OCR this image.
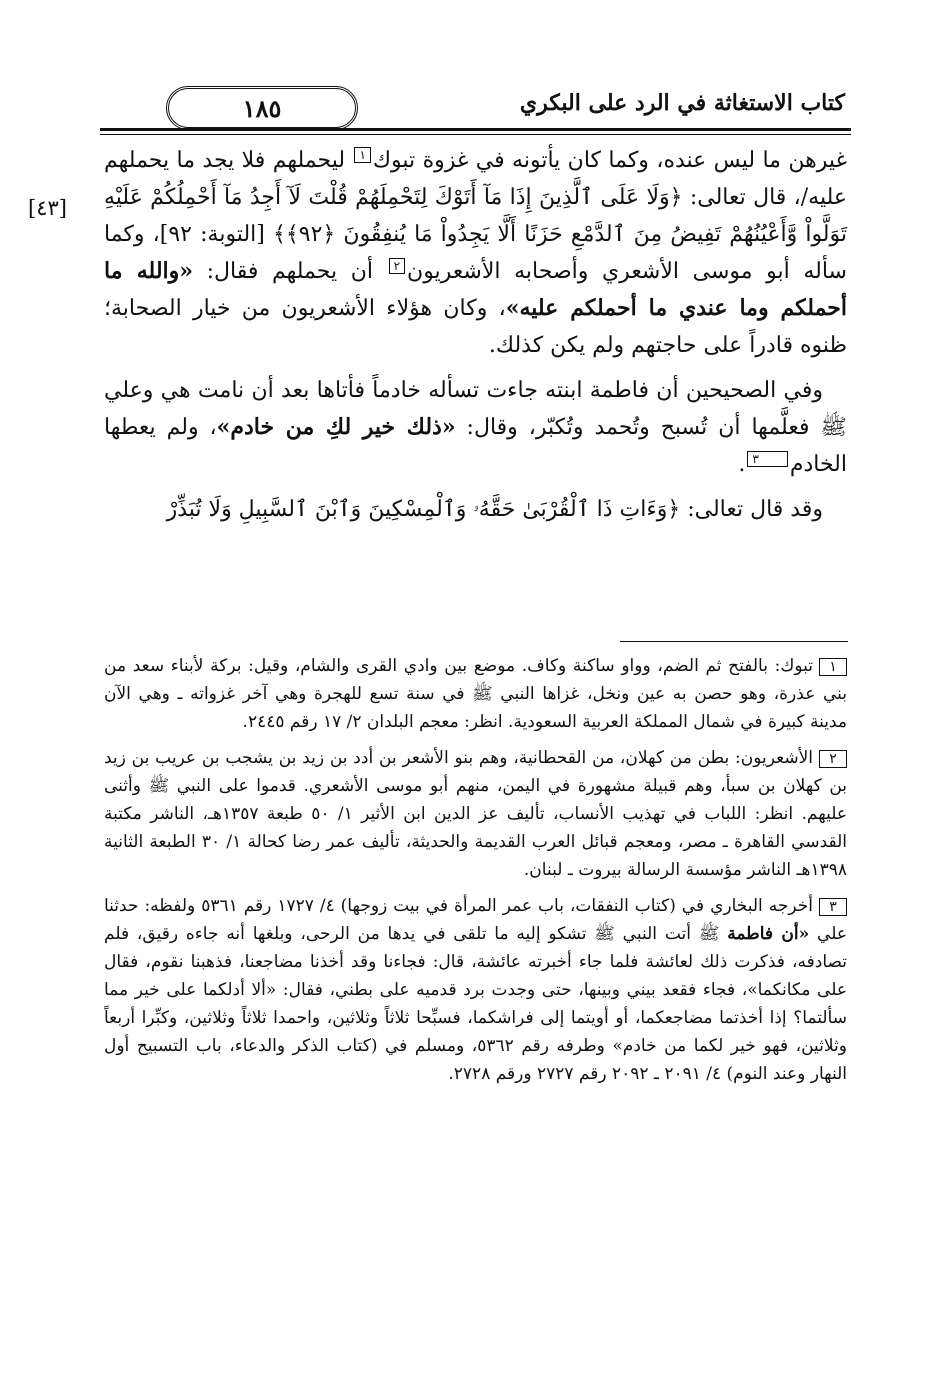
كتاب الاستغاثة في الرد على البكري
١٨٥
[٤٣]

غيرهن ما ليس عنده، وكما كان يأتونه في غزوة تبوك١ ليحملهم فلا يجد ما يحملهم عليه/، قال تعالى: ﴿وَلَا عَلَى ٱلَّذِينَ إِذَا مَآ أَتَوْكَ لِتَحْمِلَهُمْ قُلْتَ لَآ أَجِدُ مَآ أَحْمِلُكُمْ عَلَيْهِ تَوَلَّواْ وَّأَعْيُنُهُمْ تَفِيضُ مِنَ ٱلدَّمْعِ حَزَنًا أَلَّا يَجِدُواْ مَا يُنفِقُونَ ﴿٩٢﴾﴾ [التوبة: ٩٢]، وكما سأله أبو موسى الأشعري وأصحابه الأشعريون٢ أن يحملهم فقال: «والله ما أحملكم وما عندي ما أحملكم عليه»، وكان هؤلاء الأشعريون من خيار الصحابة؛ ظنوه قادراً على حاجتهم ولم يكن كذلك.

وفي الصحيحين أن فاطمة ابنته جاءت تسأله خادماً فأتاها بعد أن نامت هي وعلي ﷺ فعلَّمها أن تُسبح وتُحمد وتُكبّر، وقال: «ذلك خير لكِ من خادم»، ولم يعطها الخادم٣.

وقد قال تعالى: ﴿وَءَاتِ ذَا ٱلْقُرْبَىٰ حَقَّهُۥ وَٱلْمِسْكِينَ وَٱبْنَ ٱلسَّبِيلِ وَلَا تُبَذِّرْ

١تبوك: بالفتح ثم الضم، وواو ساكنة وكاف. موضع بين وادي القرى والشام، وقيل: بركة لأبناء سعد من بني عذرة، وهو حصن به عين ونخل، غزاها النبي ﷺ في سنة تسع للهجرة وهي آخر غزواته ـ وهي الآن مدينة كبيرة في شمال المملكة العربية السعودية. انظر: معجم البلدان ٢/ ١٧ رقم ٢٤٤٥.

٢الأشعريون: بطن من كهلان، من القحطانية، وهم بنو الأشعر بن أدد بن زيد بن يشجب بن عريب بن زيد بن كهلان بن سبأ، وهم قبيلة مشهورة في اليمن، منهم أبو موسى الأشعري. قدموا على النبي ﷺ وأثنى عليهم. انظر: اللباب في تهذيب الأنساب، تأليف عز الدين ابن الأثير ١/ ٥٠ طبعة ١٣٥٧هـ، الناشر مكتبة القدسي القاهرة ـ مصر، ومعجم قبائل العرب القديمة والحديثة، تأليف عمر رضا كحالة ١/ ٣٠ الطبعة الثانية ١٣٩٨هـ الناشر مؤسسة الرسالة بيروت ـ لبنان.

٣أخرجه البخاري في (كتاب النفقات، باب عمر المرأة في بيت زوجها) ٤/ ١٧٢٧ رقم ٥٣٦١ ولفظه: حدثنا علي «أن فاطمة ﷺ أتت النبي ﷺ تشكو إليه ما تلقى في يدها من الرحى، وبلغها أنه جاءه رقيق، فلم تصادفه، فذكرت ذلك لعائشة فلما جاء أخبرته عائشة، قال: فجاءنا وقد أخذنا مضاجعنا، فذهبنا نقوم، فقال على مكانكما»، فجاء فقعد بيني وبينها، حتى وجدت برد قدميه على بطني، فقال: «ألا أدلكما على خير مما سألتما؟ إذا أخذتما مضاجعكما، أو أويتما إلى فراشكما، فسبِّحا ثلاثاً وثلاثين، واحمدا ثلاثاً وثلاثين، وكبِّرا أربعاً وثلاثين، فهو خير لكما من خادم» وطرفه رقم ٥٣٦٢، ومسلم في (كتاب الذكر والدعاء، باب التسبيح أول النهار وعند النوم) ٤/ ٢٠٩١ ـ ٢٠٩٢ رقم ٢٧٢٧ ورقم ٢٧٢٨.
